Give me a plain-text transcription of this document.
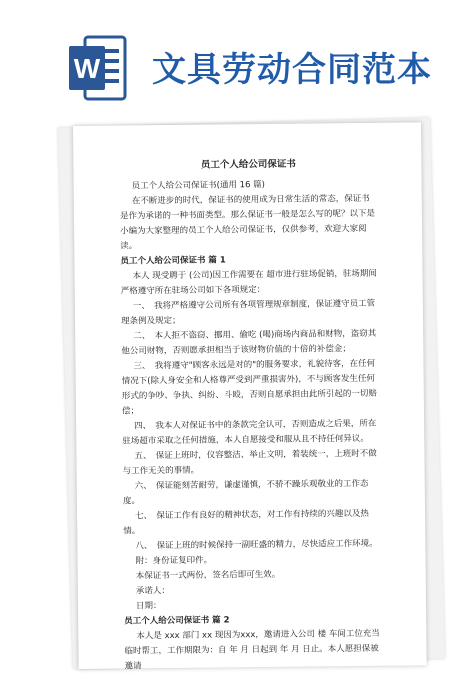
W 文具劳动合同范本
员工个人给公司保证书

员工个人给公司保证书(通用 16 篇)

在不断进步的时代，保证书的使用成为日常生活的常态，保证书是作为承诺的一种书面类型。那么保证书一般是怎么写的呢？以下是小编为大家整理的员工个人给公司保证书，仅供参考，欢迎大家阅读。

员工个人给公司保证书 篇 1

本人 现受聘于 (公司)因工作需要在 超市进行驻场促销，驻场期间严格遵守所在驻场公司如下各项规定：

一、　我将严格遵守公司所有各项管理规章制度，保证遵守员工管理条例及规定；

二、　本人拒不盗窃、挪用、偷吃 (喝)商场内商品和财物，盗窃其他公司财物，否则愿承担相当于该财物价值的十倍的补偿金；

三、　我将遵守"顾客永远是对的"的服务要求，礼貌待客，在任何情况下(除人身安全和人格尊严受到严重损害外)，不与顾客发生任何形式的争吵、争执、纠纷、斗殴，否则自愿承担由此所引起的一切赔偿；

四、　我本人对保证书中的条款完全认可，否则造成之后果，所在驻场超市采取之任何措施，本人自愿接受和服从且不持任何异议。

五、　保证上班时，仪容整洁、举止文明，着装统一，上班时不做与工作无关的事情。

六、　保证能刻苦耐劳，谦虚谨慎，不骄不躁乐观敬业的工作态度。

七、　保证工作有良好的精神状态，对工作有持续的兴趣以及热情。

八、　保证上班的时候保持一副旺盛的精力，尽快适应工作环境。

附：身份证复印件。

本保证书一式两份，签名后即可生效。

承诺人：

日期：

员工个人给公司保证书 篇 2

本人是 xxx 部门 xx 现因为xxx，邀请进入公司 楼 车间工位充当临时帮工，工作期限为：自 年 月 日起到 年 月 日止。本人愿担保被邀请
